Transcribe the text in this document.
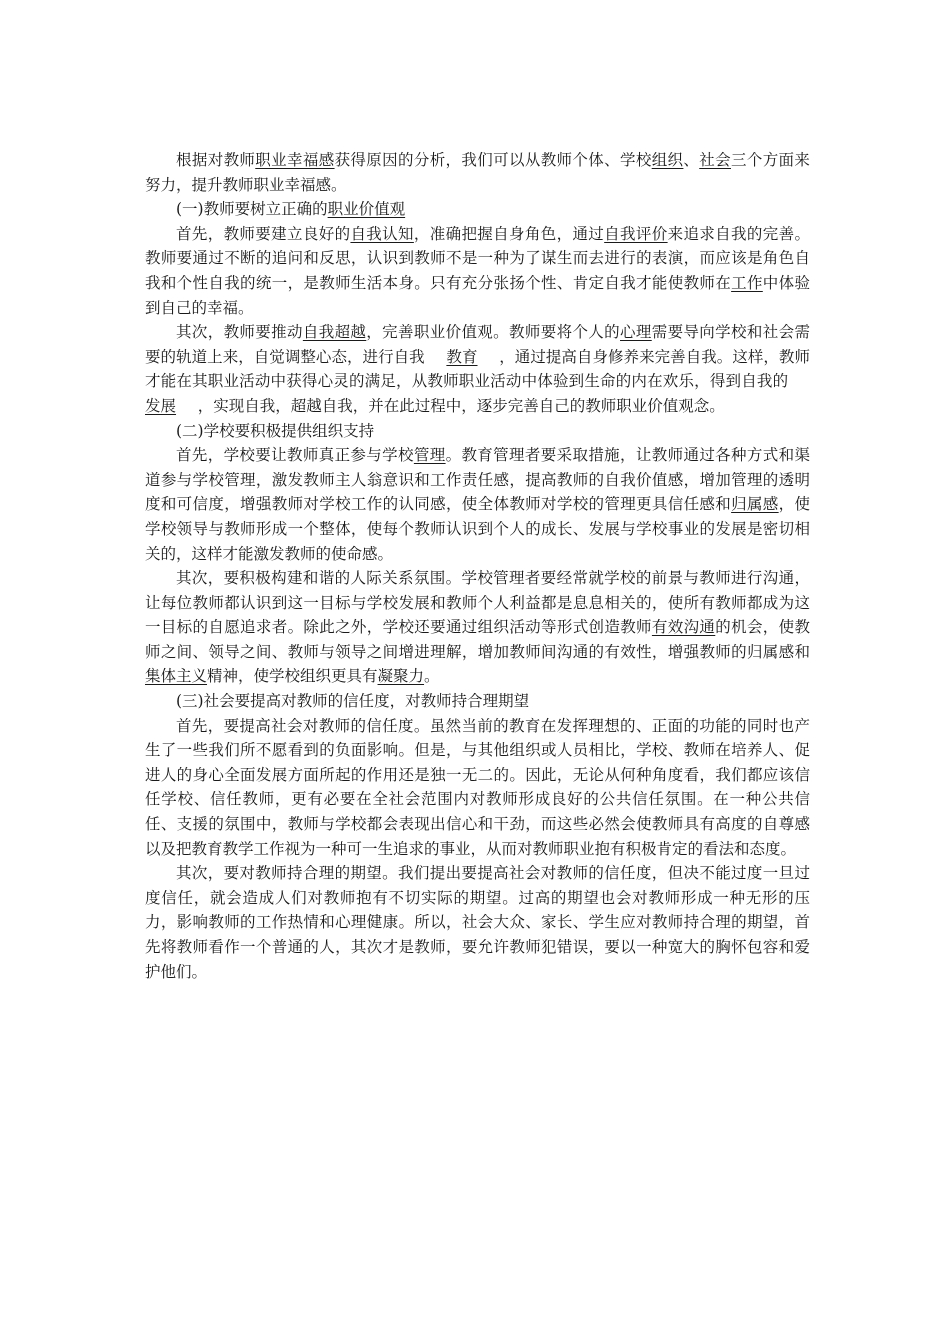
根据对教师职业幸福感获得原因的分析，我们可以从教师个体、学校组织、社会三个方面来努力，提升教师职业幸福感。

(一)教师要树立正确的职业价值观

首先，教师要建立良好的自我认知，准确把握自身角色，通过自我评价来追求自我的完善。教师要通过不断的追问和反思，认识到教师不是一种为了谋生而去进行的表演，而应该是角色自我和个性自我的统一，是教师生活本身。只有充分张扬个性、肯定自我才能使教师在工作中体验到自己的幸福。

其次，教师要推动自我超越，完善职业价值观。教师要将个人的心理需要导向学校和社会需要的轨道上来，自觉调整心态，进行自我 教育 ，通过提高自身修养来完善自我。这样，教师才能在其职业活动中获得心灵的满足，从教师职业活动中体验到生命的内在欢乐，得到自我的发展 ，实现自我，超越自我，并在此过程中，逐步完善自己的教师职业价值观念。

(二)学校要积极提供组织支持

首先，学校要让教师真正参与学校管理。教育管理者要采取措施，让教师通过各种方式和渠道参与学校管理，激发教师主人翁意识和工作责任感，提高教师的自我价值感，增加管理的透明度和可信度，增强教师对学校工作的认同感，使全体教师对学校的管理更具信任感和归属感，使学校领导与教师形成一个整体，使每个教师认识到个人的成长、发展与学校事业的发展是密切相关的，这样才能激发教师的使命感。

其次，要积极构建和谐的人际关系氛围。学校管理者要经常就学校的前景与教师进行沟通，让每位教师都认识到这一目标与学校发展和教师个人利益都是息息相关的，使所有教师都成为这一目标的自愿追求者。除此之外，学校还要通过组织活动等形式创造教师有效沟通的机会，使教师之间、领导之间、教师与领导之间增进理解，增加教师间沟通的有效性，增强教师的归属感和集体主义精神，使学校组织更具有凝聚力。

(三)社会要提高对教师的信任度，对教师持合理期望

首先，要提高社会对教师的信任度。虽然当前的教育在发挥理想的、正面的功能的同时也产生了一些我们所不愿看到的负面影响。但是，与其他组织或人员相比，学校、教师在培养人、促进人的身心全面发展方面所起的作用还是独一无二的。因此，无论从何种角度看，我们都应该信任学校、信任教师，更有必要在全社会范围内对教师形成良好的公共信任氛围。在一种公共信任、支援的氛围中，教师与学校都会表现出信心和干劲，而这些必然会使教师具有高度的自尊感以及把教育教学工作视为一种可一生追求的事业，从而对教师职业抱有积极肯定的看法和态度。

其次，要对教师持合理的期望。我们提出要提高社会对教师的信任度，但决不能过度一旦过度信任，就会造成人们对教师抱有不切实际的期望。过高的期望也会对教师形成一种无形的压力，影响教师的工作热情和心理健康。所以，社会大众、家长、学生应对教师持合理的期望，首先将教师看作一个普通的人，其次才是教师，要允许教师犯错误，要以一种宽大的胸怀包容和爱护他们。
